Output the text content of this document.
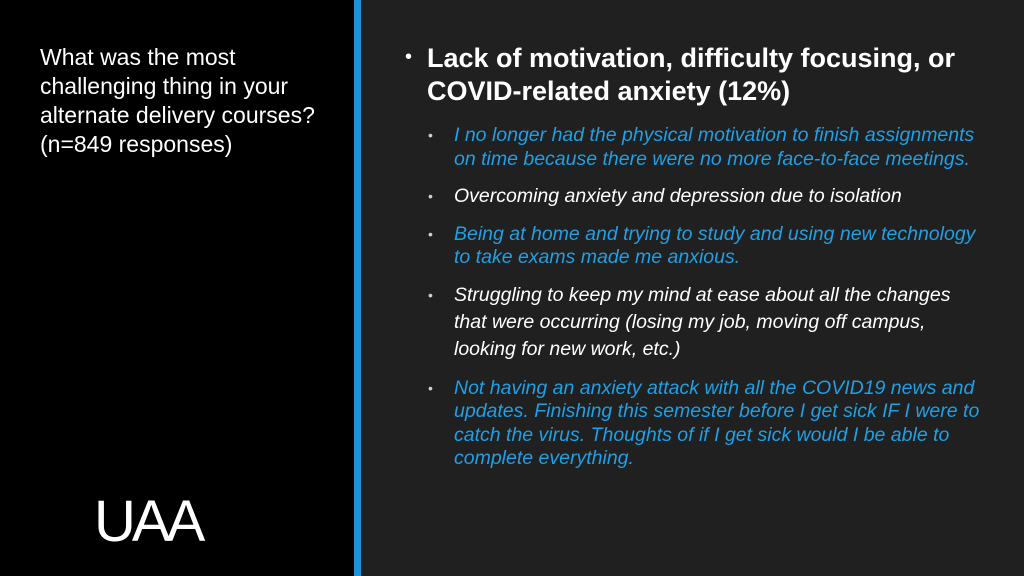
What was the most challenging thing in your alternate delivery courses? (n=849 responses)

UAA
• Lack of motivation, difficulty focusing, or COVID-related anxiety (12%)
• I no longer had the physical motivation to finish assignments on time because there were no more face-to-face meetings.
• Overcoming anxiety and depression due to isolation
• Being at home and trying to study and using new technology to take exams made me anxious.
• Struggling to keep my mind at ease about all the changes that were occurring (losing my job, moving off campus, looking for new work, etc.)
• Not having an anxiety attack with all the COVID19 news and updates. Finishing this semester before I get sick IF I were to catch the virus. Thoughts of if I get sick would I be able to complete everything.
